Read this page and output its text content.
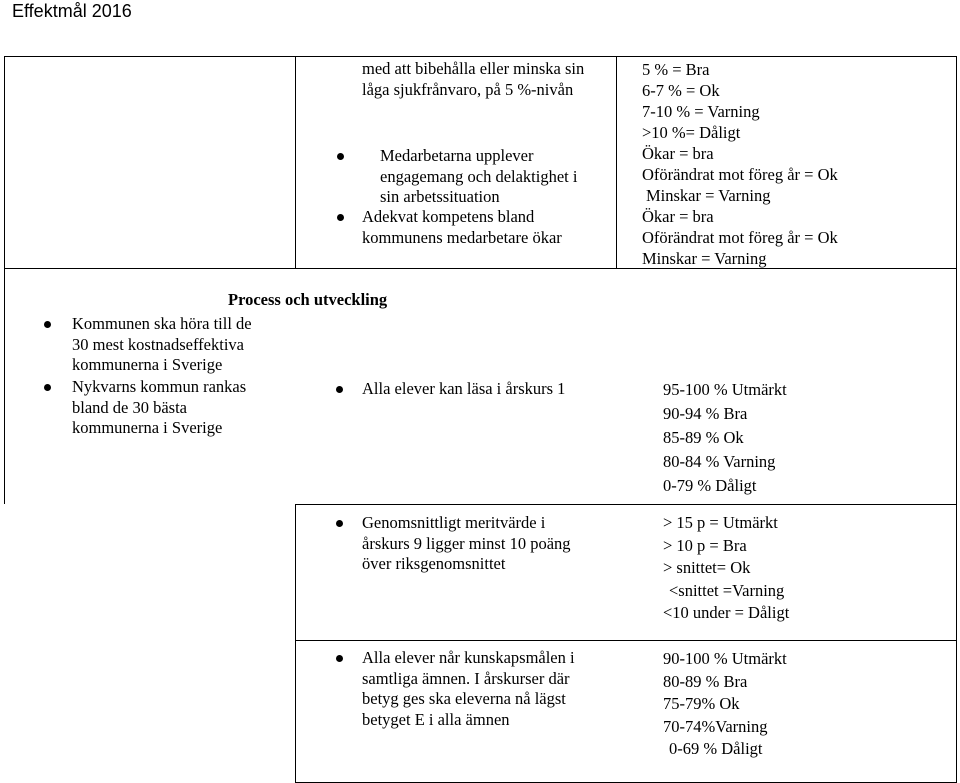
Effektmål 2016
med att bibehålla eller minska sin
låga sjukfrånvaro, på 5 %-nivån
Medarbetarna upplever
engagemang och delaktighet i
sin arbetssituation
Adekvat kompetens bland
kommunens medarbetare ökar
5 % = Bra
6-7 % = Ok
7-10 % = Varning
>10 %= Dåligt
Ökar = bra
Oförändrat mot föreg år = Ok
Minskar = Varning
Ökar = bra
Oförändrat mot föreg år = Ok
Minskar = Varning
Process och utveckling
Kommunen ska höra till de
30 mest kostnadseffektiva
kommunerna i Sverige
Nykvarns kommun rankas
bland de 30 bästa
kommunerna i Sverige
Alla elever kan läsa i årskurs 1	95-100 % Utmärkt
90-94 % Bra
85-89 % Ok
80-84 % Varning
0-79 % Dåligt
Genomsnittligt meritvärde i
årskurs 9 ligger minst 10 poäng
över riksgenomsnittet
> 15 p = Utmärkt
> 10 p = Bra
> snittet= Ok
<snittet =Varning
<10 under = Dåligt
Alla elever når kunskapsmålen i
samtliga ämnen. I årskurser där
betyg ges ska eleverna nå lägst
betyget E i alla ämnen
90-100 % Utmärkt
80-89 % Bra
75-79% Ok
70-74%Varning
0-69 % Dåligt
